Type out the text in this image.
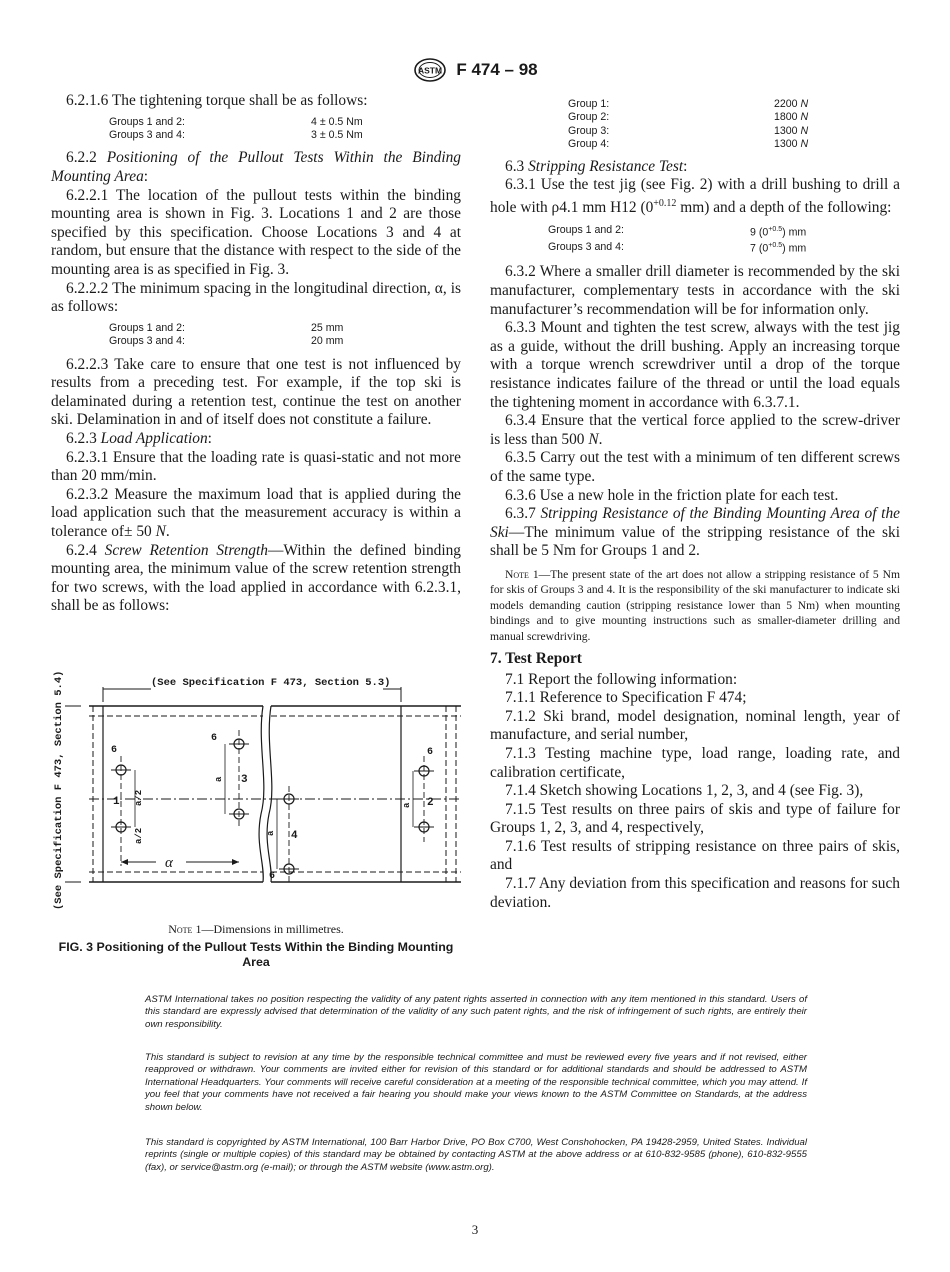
ASTM F 474 – 98

6.2.1.6 The tightening torque shall be as follows:

Groups 1 and 2:	4 ± 0.5 Nm
Groups 3 and 4:	3 ± 0.5 Nm

6.2.2 Positioning of the Pullout Tests Within the Binding Mounting Area:

6.2.2.1 The location of the pullout tests within the binding mounting area is shown in Fig. 3. Locations 1 and 2 are those specified by this specification. Choose Locations 3 and 4 at random, but ensure that the distance with respect to the side of the mounting area is as specified in Fig. 3.

6.2.2.2 The minimum spacing in the longitudinal direction, α, is as follows:

Groups 1 and 2:	25 mm
Groups 3 and 4:	20 mm

6.2.2.3 Take care to ensure that one test is not influenced by results from a preceding test. For example, if the top ski is delaminated during a retention test, continue the test on another ski. Delamination in and of itself does not constitute a failure.

6.2.3 Load Application:

6.2.3.1 Ensure that the loading rate is quasi-static and not more than 20 mm/min.

6.2.3.2 Measure the maximum load that is applied during the load application such that the measurement accuracy is within a tolerance of± 50 N.

6.2.4 Screw Retention Strength—Within the defined binding mounting area, the minimum value of the screw retention strength for two screws, with the load applied in accordance with 6.2.3.1, shall be as follows:

(See Specification F 473, Section 5.3)
(See Specification F 473, Section 5.4)	1
6
a/2
a/2
3
a
6
4
a
6
2
a
6
α
Note 1—Dimensions in millimetres.
FIG. 3 Positioning of the Pullout Tests Within the Binding Mounting Area
Group 1:	2200 N
Group 2:	1800 N
Group 3:	1300 N
Group 4:	1300 N

6.3 Stripping Resistance Test:

6.3.1 Use the test jig (see Fig. 2) with a drill bushing to drill a hole with ρ4.1 mm H12 ($0^{+0.12}$ mm) and a depth of the following:

Groups 1 and 2:	9 $(0^{+0.5})$ mm
Groups 3 and 4:	7 $(0^{+0.5})$ mm

6.3.2 Where a smaller drill diameter is recommended by the ski manufacturer, complementary tests in accordance with the ski manufacturer’s recommendation will be for information only.

6.3.3 Mount and tighten the test screw, always with the test jig as a guide, without the drill bushing. Apply an increasing torque with a torque wrench screwdriver until a drop of the torque resistance indicates failure of the thread or until the load equals the tightening moment in accordance with 6.3.7.1.

6.3.4 Ensure that the vertical force applied to the screw-driver is less than 500 N.

6.3.5 Carry out the test with a minimum of ten different screws of the same type.

6.3.6 Use a new hole in the friction plate for each test.

6.3.7 Stripping Resistance of the Binding Mounting Area of the Ski—The minimum value of the stripping resistance of the ski shall be 5 Nm for Groups 1 and 2.

Note 1—The present state of the art does not allow a stripping resistance of 5 Nm for skis of Groups 3 and 4. It is the responsibility of the ski manufacturer to indicate ski models demanding caution (stripping resistance lower than 5 Nm) when mounting bindings and to give mounting instructions such as smaller-diameter drilling and manual screwdriving.

7. Test Report

7.1 Report the following information:

7.1.1 Reference to Specification F 474;

7.1.2 Ski brand, model designation, nominal length, year of manufacture, and serial number,

7.1.3 Testing machine type, load range, loading rate, and calibration certificate,

7.1.4 Sketch showing Locations 1, 2, 3, and 4 (see Fig. 3),

7.1.5 Test results on three pairs of skis and type of failure for Groups 1, 2, 3, and 4, respectively,

7.1.6 Test results of stripping resistance on three pairs of skis, and

7.1.7 Any deviation from this specification and reasons for such deviation.

ASTM International takes no position respecting the validity of any patent rights asserted in connection with any item mentioned in this standard. Users of this standard are expressly advised that determination of the validity of any such patent rights, and the risk of infringement of such rights, are entirely their own responsibility.
This standard is subject to revision at any time by the responsible technical committee and must be reviewed every five years and if not revised, either reapproved or withdrawn. Your comments are invited either for revision of this standard or for additional standards and should be addressed to ASTM International Headquarters. Your comments will receive careful consideration at a meeting of the responsible technical committee, which you may attend. If you feel that your comments have not received a fair hearing you should make your views known to the ASTM Committee on Standards, at the address shown below.
This standard is copyrighted by ASTM International, 100 Barr Harbor Drive, PO Box C700, West Conshohocken, PA 19428-2959, United States. Individual reprints (single or multiple copies) of this standard may be obtained by contacting ASTM at the above address or at 610-832-9585 (phone), 610-832-9555 (fax), or service@astm.org (e-mail); or through the ASTM website (www.astm.org).
3
